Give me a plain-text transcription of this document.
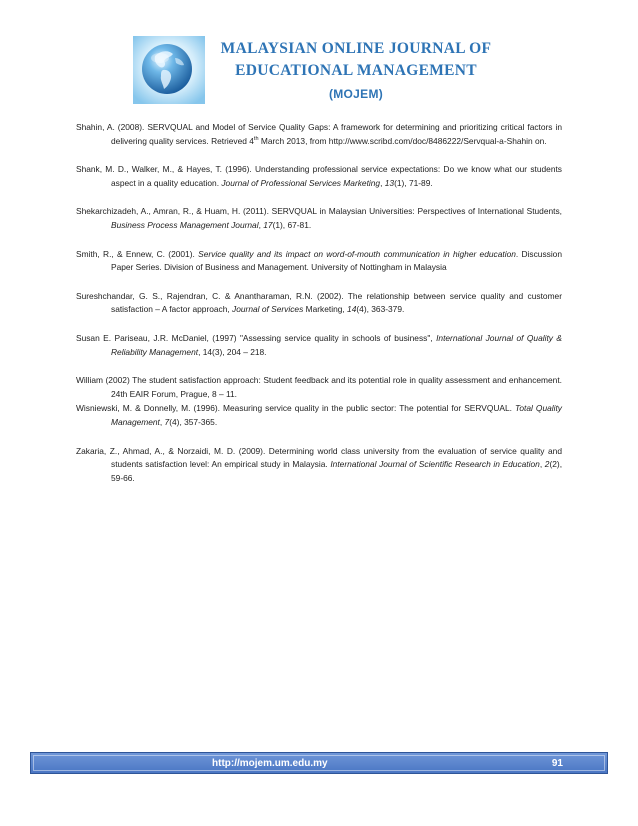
MALAYSIAN ONLINE JOURNAL OF
EDUCATIONAL MANAGEMENT
(MOJEM)

Shahin, A. (2008). SERVQUAL and Model of Service Quality Gaps: A framework for determining and prioritizing critical factors in delivering quality services. Retrieved 4th March 2013, from http://www.scribd.com/doc/8486222/Servqual-a-Shahin on.

Shank, M. D., Walker, M., & Hayes, T. (1996). Understanding professional service expectations: Do we know what our students aspect in a quality education. Journal of Professional Services Marketing, 13(1), 71-89.

Shekarchizadeh, A., Amran, R., & Huam, H. (2011). SERVQUAL in Malaysian Universities: Perspectives of International Students, Business Process Management Journal, 17(1), 67-81.

Smith, R., & Ennew, C. (2001). Service quality and its impact on word-of-mouth communication in higher education. Discussion Paper Series. Division of Business and Management. University of Nottingham in Malaysia

Sureshchandar, G. S., Rajendran, C. & Anantharaman, R.N. (2002). The relationship between service quality and customer satisfaction – A factor approach, Journal of Services Marketing, 14(4), 363-379.

Susan E. Pariseau, J.R. McDaniel, (1997) "Assessing service quality in schools of business", International Journal of Quality & Reliability Management, 14(3), 204 – 218.

William (2002) The student satisfaction approach: Student feedback and its potential role in quality assessment and enhancement. 24th EAIR Forum, Prague, 8 – 11.

Wisniewski, M. & Donnelly, M. (1996). Measuring service quality in the public sector: The potential for SERVQUAL. Total Quality Management, 7(4), 357-365.

Zakaria, Z., Ahmad, A., & Norzaidi, M. D. (2009). Determining world class university from the evaluation of service quality and students satisfaction level: An empirical study in Malaysia. International Journal of Scientific Research in Education, 2(2), 59-66.

http://mojem.um.edu.my	91
